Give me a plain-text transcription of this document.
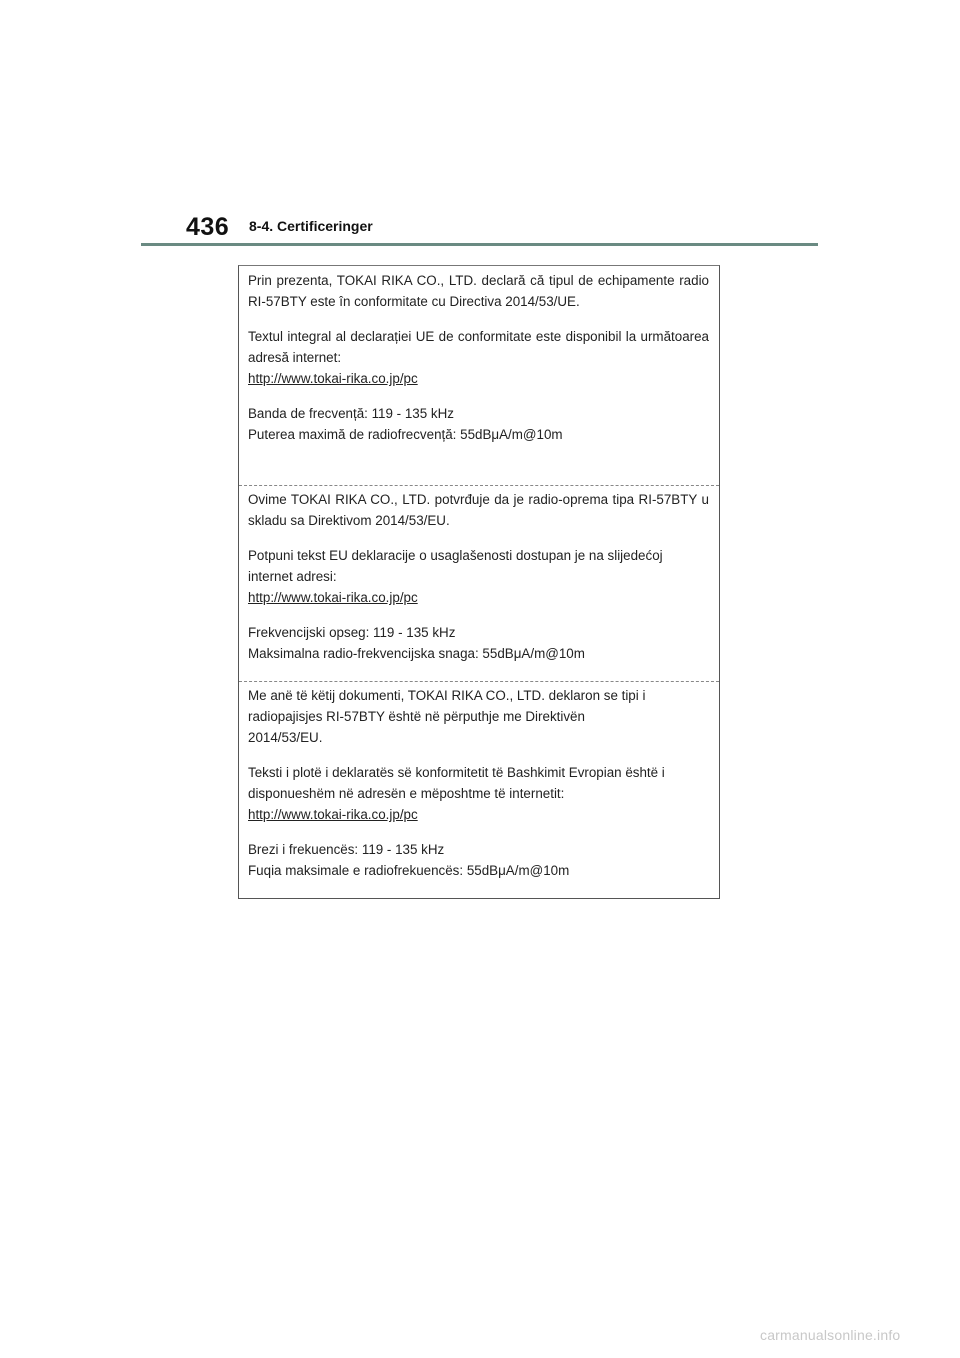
436 8-4. Certificeringer

Prin prezenta, TOKAI RIKA CO., LTD. declară că tipul de echipamente radio RI-57BTY este în conformitate cu Directiva 2014/53/UE.

Textul integral al declarației UE de conformitate este disponibil la următoarea adresă internet:

http://www.tokai-rika.co.jp/pc

Banda de frecvență: 119 - 135 kHz

Puterea maximă de radiofrecvență: 55dBμA/m@10m

Ovime TOKAI RIKA CO., LTD. potvrđuje da je radio-oprema tipa RI-57BTY u skladu sa Direktivom 2014/53/EU.

Potpuni tekst EU deklaracije o usaglašenosti dostupan je na slijedećoj internet adresi:

http://www.tokai-rika.co.jp/pc

Frekvencijski opseg: 119 - 135 kHz

Maksimalna radio-frekvencijska snaga: 55dBμA/m@10m

Me anë të këtij dokumenti, TOKAI RIKA CO., LTD. deklaron se tipi i

radiopajisjes RI-57BTY është në përputhje me Direktivën

2014/53/EU.

Teksti i plotë i deklaratës së konformitetit të Bashkimit Evropian është i disponueshëm në adresën e mëposhtme të internetit:

http://www.tokai-rika.co.jp/pc

Brezi i frekuencës: 119 - 135 kHz

Fuqia maksimale e radiofrekuencës: 55dBμA/m@10m

carmanualsonline.info
